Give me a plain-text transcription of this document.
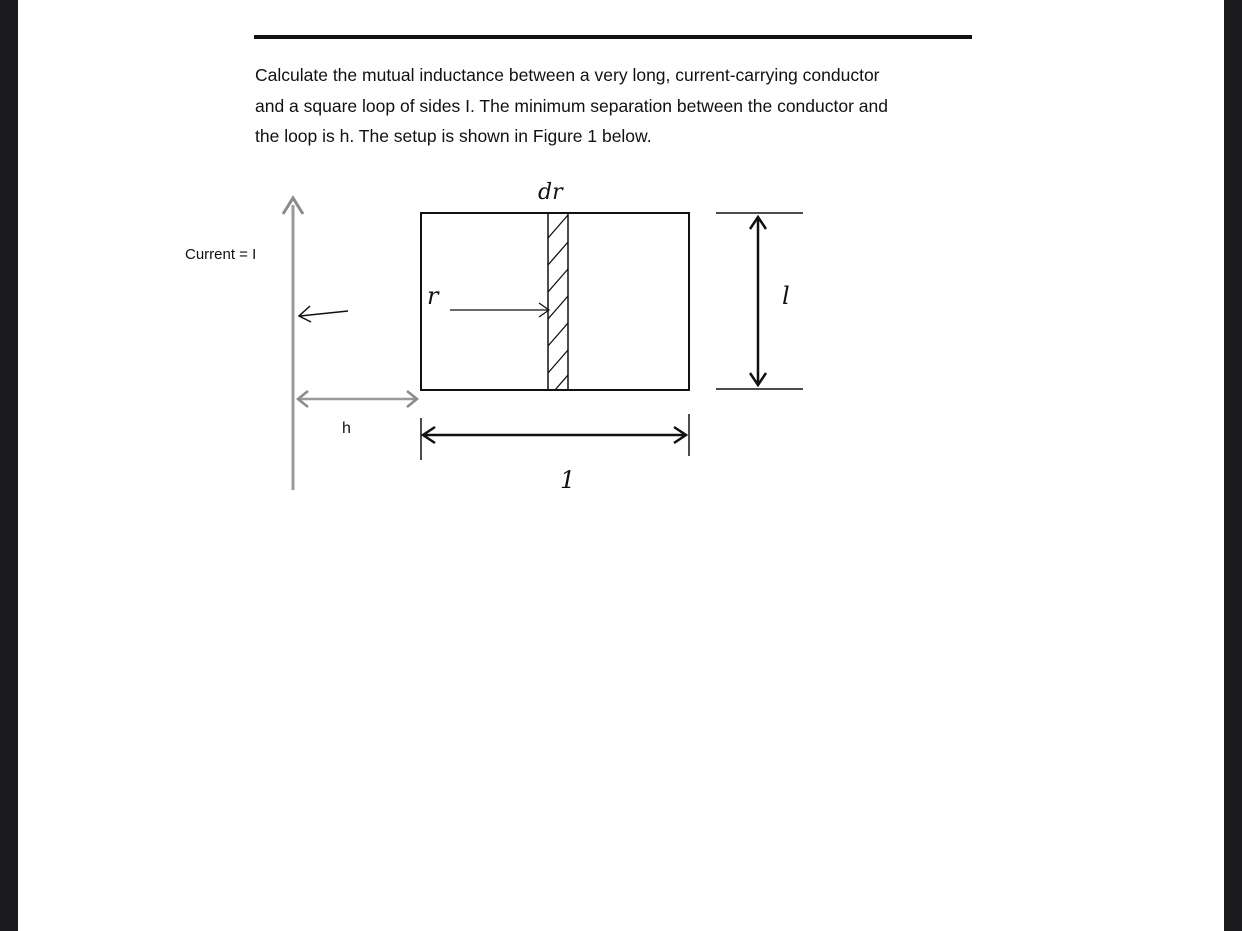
Calculate the mutual inductance between a very long, current-carrying conductor
and a square loop of sides I. The minimum separation between the conductor and
the loop is h. The setup is shown in Figure 1 below.
Current = I
h
dr
r	l
1
